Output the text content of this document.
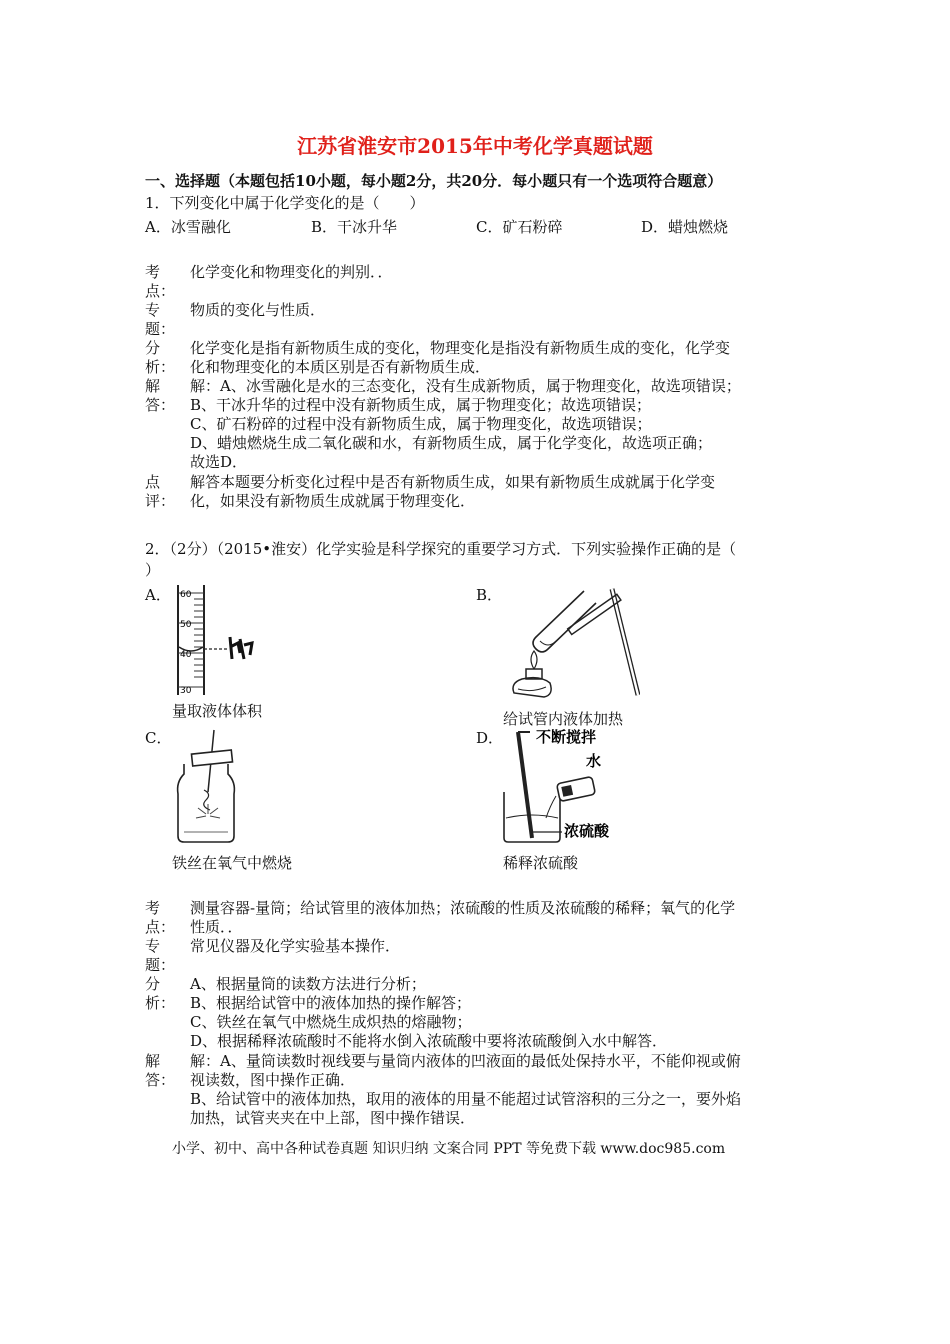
江苏省淮安市2015年中考化学真题试题
一、选择题（本题包括10小题，每小题2分，共20分．每小题只有一个选项符合题意）
1．下列变化中属于化学变化的是（　　）
A．冰雪融化	B．干冰升华	C．矿石粉碎	D．蜡烛燃烧
考
点：
化学变化和物理变化的判别．．
专
题：
物质的变化与性质．
分
析：
化学变化是指有新物质生成的变化，物理变化是指没有新物质生成的变化，化学变
化和物理变化的本质区别是否有新物质生成．
解
答：
解：A、冰雪融化是水的三态变化，没有生成新物质，属于物理变化，故选项错误；
B、干冰升华的过程中没有新物质生成，属于物理变化；故选项错误；
C、矿石粉碎的过程中没有新物质生成，属于物理变化，故选项错误；
D、蜡烛燃烧生成二氧化碳和水，有新物质生成，属于化学变化，故选项正确；
故选D．
点
评：
解答本题要分析变化过程中是否有新物质生成，如果有新物质生成就属于化学变
化，如果没有新物质生成就属于物理变化．
2．（2分）（2015•淮安）化学实验是科学探究的重要学习方式．下列实验操作正确的是（
）
A．	B．
C．	D．
60
50
40
30
量取液体体积	给试管内液体加热
铁丝在氧气中燃烧
不断搅拌
水
浓硫酸
稀释浓硫酸
考
点：
测量容器-量筒；给试管里的液体加热；浓硫酸的性质及浓硫酸的稀释；氧气的化学
性质．．
专
题：
常见仪器及化学实验基本操作．
分
析：
A、根据量筒的读数方法进行分析；
B、根据给试管中的液体加热的操作解答；
C、铁丝在氧气中燃烧生成炽热的熔融物；
D、根据稀释浓硫酸时不能将水倒入浓硫酸中要将浓硫酸倒入水中解答．
解
答：
解：A、量筒读数时视线要与量筒内液体的凹液面的最低处保持水平，不能仰视或俯
视读数，图中操作正确．
B、给试管中的液体加热，取用的液体的用量不能超过试管溶积的三分之一，要外焰
加热，试管夹夹在中上部，图中操作错误．
小学、初中、高中各种试卷真题 知识归纳 文案合同 PPT 等免费下载 www.doc985.com
